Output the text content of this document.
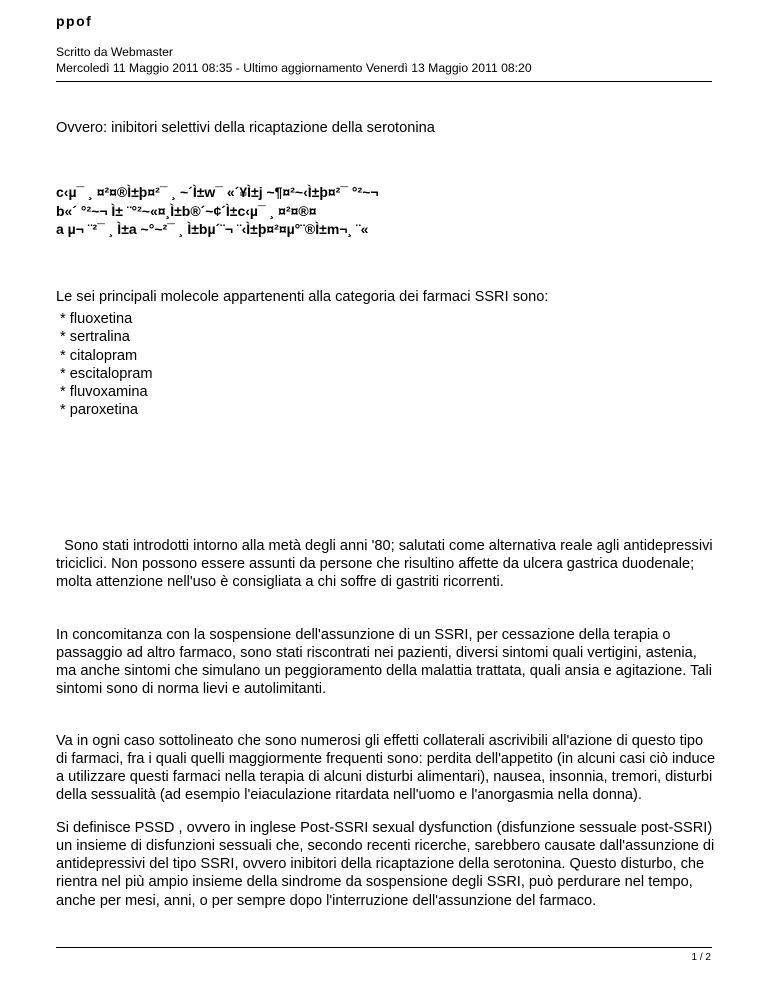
ppof
Scritto da Webmaster
Mercoledì 11 Maggio 2011 08:35 - Ultimo aggiornamento Venerdì 13 Maggio 2011 08:20

Ovvero: inibitori selettivi della ricaptazione della serotonina

c‹µ¯ ¸ ¤²¤®Ì±þ¤²¯ ¸ ~´Ì±w¯ «´¥Ì±j ~¶¤²~‹Ì±þ¤²¯ °²~¬
b«´ °²~¬ Ì± ¨°²~«¤¸Ì±b®´~¢´Ì±c‹µ¯ ¸ ¤²¤®¤
a µ¬ ¨²¯ ¸ Ì±a ~°~²¯ ¸ Ì±bµ´¨¬ ¨‹Ì±þ¤²¤µ°¨®Ì±m¬¸ ¨«
Le sei principali molecole appartenenti alla categoria dei farmaci SSRI sono:
* fluoxetina
* sertralina
* citalopram
* escitalopram
* fluvoxamina
* paroxetina

Sono stati introdotti intorno alla metà degli anni '80; salutati come alternativa reale agli antidepressivi triciclici. Non possono essere assunti da persone che risultino affette da ulcera gastrica duodenale; molta attenzione nell'uso è consigliata a chi soffre di gastriti ricorrenti.

In concomitanza con la sospensione dell'assunzione di un SSRI, per cessazione della terapia o passaggio ad altro farmaco, sono stati riscontrati nei pazienti, diversi sintomi quali vertigini, astenia, ma anche sintomi che simulano un peggioramento della malattia trattata, quali ansia e agitazione. Tali sintomi sono di norma lievi e autolimitanti.

Va in ogni caso sottolineato che sono numerosi gli effetti collaterali ascrivibili all'azione di questo tipo di farmaci, fra i quali quelli maggiormente frequenti sono: perdita dell'appetito (in alcuni casi ciò induce a utilizzare questi farmaci nella terapia di alcuni disturbi alimentari), nausea, insonnia, tremori, disturbi della sessualità (ad esempio l'eiaculazione ritardata nell'uomo e l'anorgasmia nella donna).

Si definisce PSSD , ovvero in inglese Post-SSRI sexual dysfunction (disfunzione sessuale post-SSRI) un insieme di disfunzioni sessuali che, secondo recenti ricerche, sarebbero causate dall'assunzione di antidepressivi del tipo SSRI, ovvero inibitori della ricaptazione della serotonina. Questo disturbo, che rientra nel più ampio insieme della sindrome da sospensione degli SSRI, può perdurare nel tempo, anche per mesi, anni, o per sempre dopo l'interruzione dell'assunzione del farmaco.

1 / 2
